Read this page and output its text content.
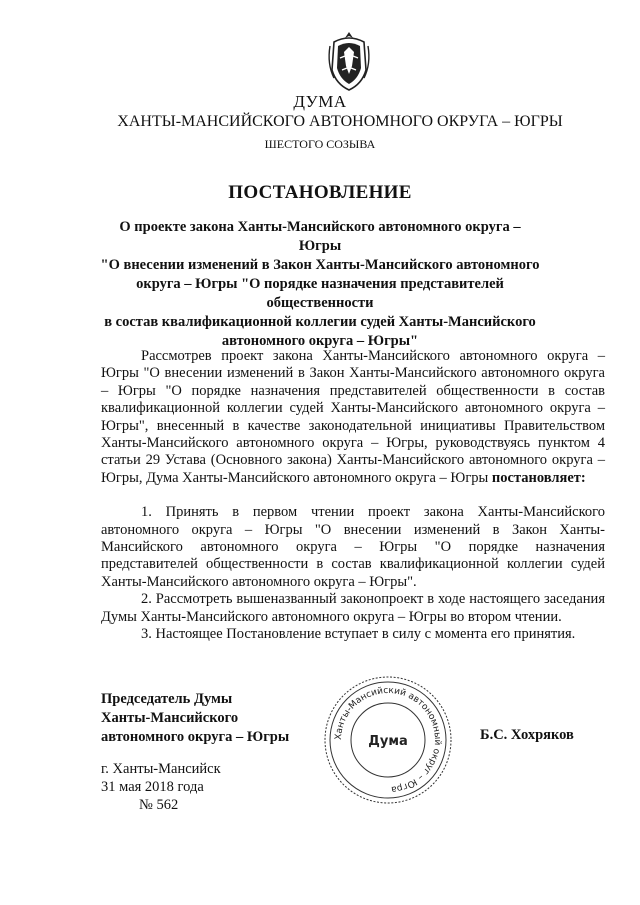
ДУМА

ХАНТЫ-МАНСИЙСКОГО АВТОНОМНОГО ОКРУГА – ЮГРЫ

ШЕСТОГО СОЗЫВА

ПОСТАНОВЛЕНИЕ

О проекте закона Ханты-Мансийского автономного округа – Югры
"О внесении изменений в Закон Ханты-Мансийского автономного
округа – Югры "О порядке назначения представителей общественности
в состав квалификационной коллегии судей Ханты-Мансийского
автономного округа – Югры"

Рассмотрев проект закона Ханты-Мансийского автономного округа – Югры "О внесении изменений в Закон Ханты-Мансийского автономного округа – Югры "О порядке назначения представителей общественности в состав квалификационной коллегии судей Ханты-Мансийского автономного округа – Югры", внесенный в качестве законодательной инициативы Правительством Ханты-Мансийского автономного округа – Югры, руководствуясь пунктом 4 статьи 29 Устава (Основного закона) Ханты-Мансийского автономного округа – Югры, Дума Ханты-Мансийского автономного округа – Югры постановляет:

1. Принять в первом чтении проект закона Ханты-Мансийского автономного округа – Югры "О внесении изменений в Закон Ханты-Мансийского автономного округа – Югры "О порядке назначения представителей общественности в состав квалификационной коллегии судей Ханты-Мансийского автономного округа – Югры".

2. Рассмотреть вышеназванный законопроект в ходе настоящего заседания Думы Ханты-Мансийского автономного округа – Югры во втором чтении.

3. Настоящее Постановление вступает в силу с момента его принятия.

Председатель Думы
Ханты-Мансийского
автономного округа – Югры	Ханты-Мансийский автономный округ – Югра
Дума	Б.С. Хохряков

г. Ханты-Мансийск

31 мая 2018 года

№ 562
